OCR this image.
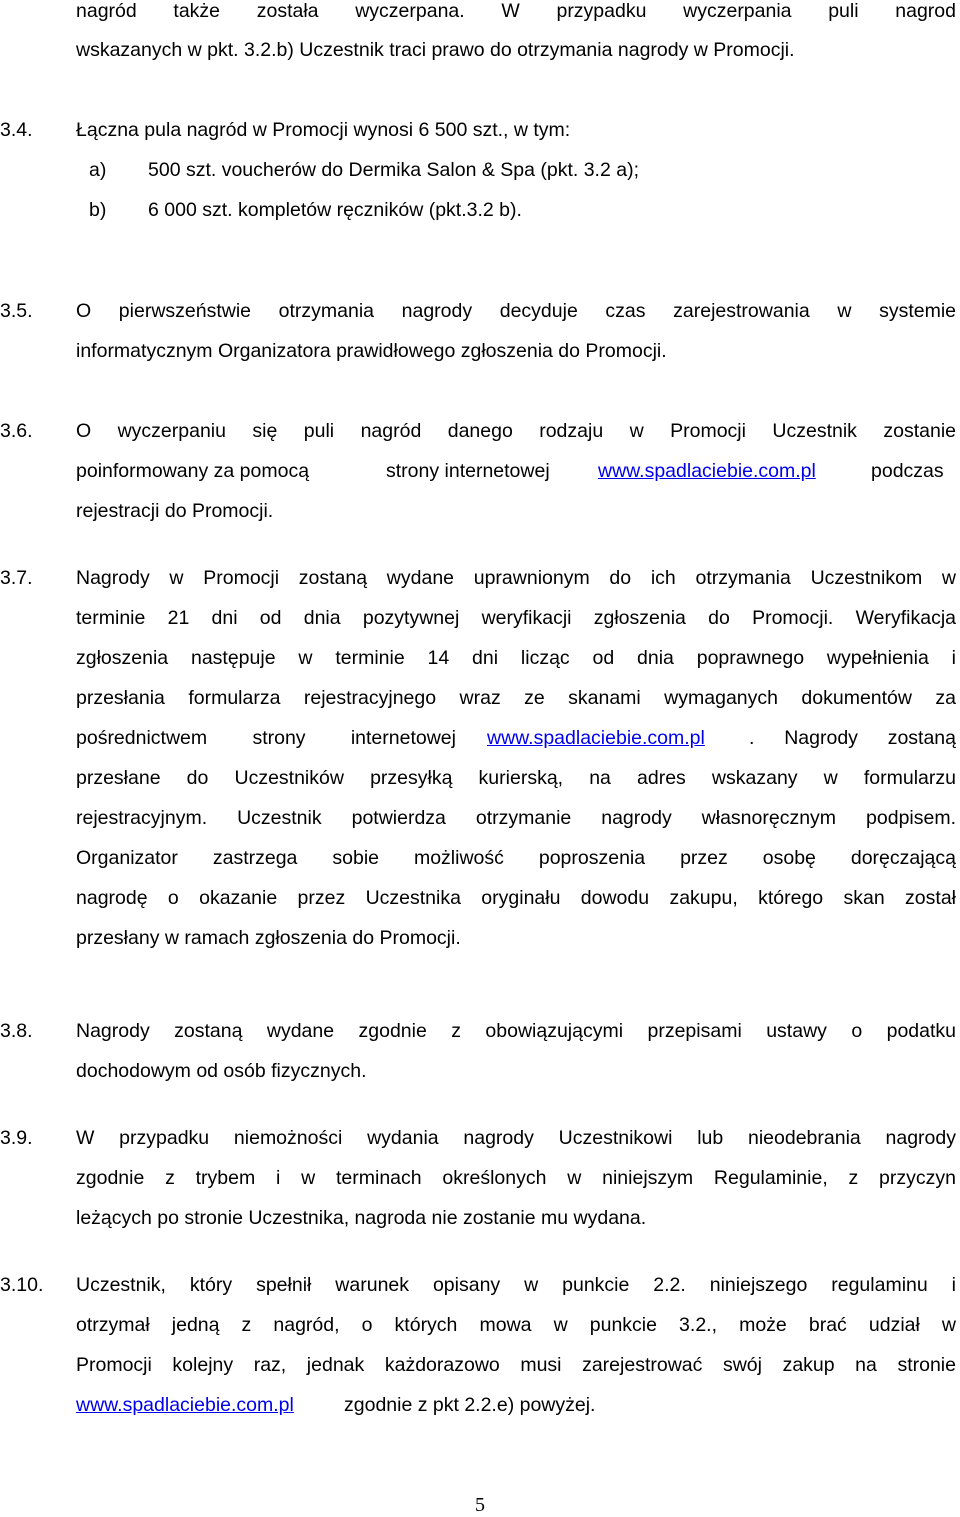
nagród także została wyczerpana. W przypadku wyczerpania puli nagrod
wskazanych w pkt. 3.2.b) Uczestnik traci prawo do otrzymania nagrody w Promocji.
3.4. Łączna pula nagród w Promocji wynosi 6 500 szt., w tym:
a) 500 szt. voucherów do Dermika Salon & Spa (pkt. 3.2 a);
b) 6 000 szt. kompletów ręczników (pkt.3.2 b).
3.5. O pierwszeństwie otrzymania nagrody decyduje czas zarejestrowania w systemie
informatycznym Organizatora prawidłowego zgłoszenia do Promocji.
3.6. O wyczerpaniu się puli nagród danego rodzaju w Promocji Uczestnik zostanie
poinformowany za pomocą	strony internetowej www.spadlaciebie.com.pl	podczas
rejestracji do Promocji.
3.7. Nagrody w Promocji zostaną wydane uprawnionym do ich otrzymania Uczestnikom w
terminie 21 dni od dnia pozytywnej weryfikacji zgłoszenia do Promocji. Weryfikacja
zgłoszenia następuje w terminie 14 dni licząc od dnia poprawnego wypełnienia i
przesłania formularza rejestracyjnego wraz ze skanami wymaganych dokumentów za
pośrednictwem strony internetowej www.spadlaciebie.com.pl . Nagrody zostaną
przesłane do Uczestników przesyłką kurierską, na adres wskazany w formularzu
rejestracyjnym. Uczestnik potwierdza otrzymanie nagrody własnoręcznym podpisem.
Organizator zastrzega sobie możliwość poproszenia przez osobę doręczającą
nagrodę o okazanie przez Uczestnika oryginału dowodu zakupu, którego skan został
przesłany w ramach zgłoszenia do Promocji.
3.8. Nagrody zostaną wydane zgodnie z obowiązującymi przepisami ustawy o podatku
dochodowym od osób fizycznych.
3.9. W przypadku niemożności wydania nagrody Uczestnikowi lub nieodebrania nagrody
zgodnie z trybem i w terminach określonych w niniejszym Regulaminie, z przyczyn
leżących po stronie Uczestnika, nagroda nie zostanie mu wydana.
3.10. Uczestnik, który spełnił warunek opisany w punkcie 2.2. niniejszego regulaminu i
otrzymał jedną z nagród, o których mowa w punkcie 3.2., może brać udział w
Promocji kolejny raz, jednak każdorazowo musi zarejestrować swój zakup na stronie
www.spadlaciebie.com.pl	zgodnie z pkt 2.2.e) powyżej.
5
